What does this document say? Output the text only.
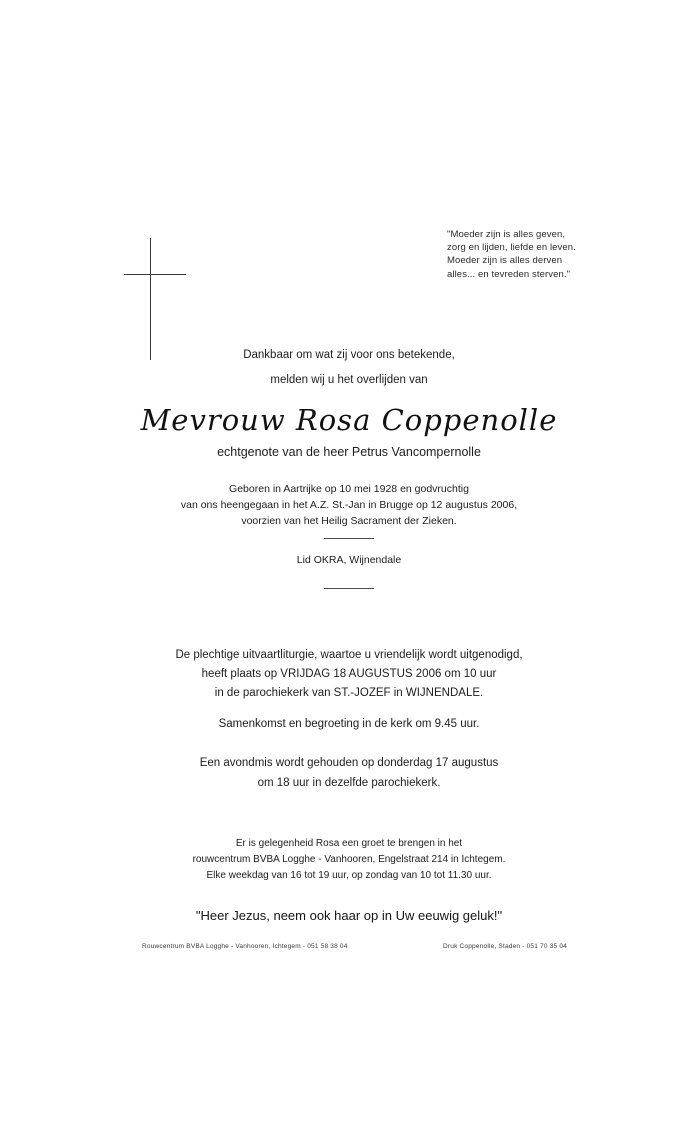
"Moeder zijn is alles geven,
zorg en lijden, liefde en leven.
Moeder zijn is alles derven
alles... en tevreden sterven."
Dankbaar om wat zij voor ons betekende,
melden wij u het overlijden van
Mevrouw Rosa Coppenolle
echtgenote van de heer Petrus Vancompernolle
Geboren in Aartrijke op 10 mei 1928 en godvruchtig
van ons heengegaan in het A.Z. St.-Jan in Brugge op 12 augustus 2006,
voorzien van het Heilig Sacrament der Zieken.
Lid OKRA, Wijnendale
De plechtige uitvaartliturgie, waartoe u vriendelijk wordt uitgenodigd,
heeft plaats op VRIJDAG 18 AUGUSTUS 2006 om 10 uur
in de parochiekerk van ST.-JOZEF in WIJNENDALE.
Samenkomst en begroeting in de kerk om 9.45 uur.
Een avondmis wordt gehouden op donderdag 17 augustus
om 18 uur in dezelfde parochiekerk.
Er is gelegenheid Rosa een groet te brengen in het
rouwcentrum BVBA Logghe - Vanhooren, Engelstraat 214 in Ichtegem.
Elke weekdag van 16 tot 19 uur, op zondag van 10 tot 11.30 uur.
"Heer Jezus, neem ook haar op in Uw eeuwig geluk!"
Rouwcentrum BVBA Logghe - Vanhooren, Ichtegem - 051 58 38 04	Druk Coppenolle, Staden - 051 70 35 04
